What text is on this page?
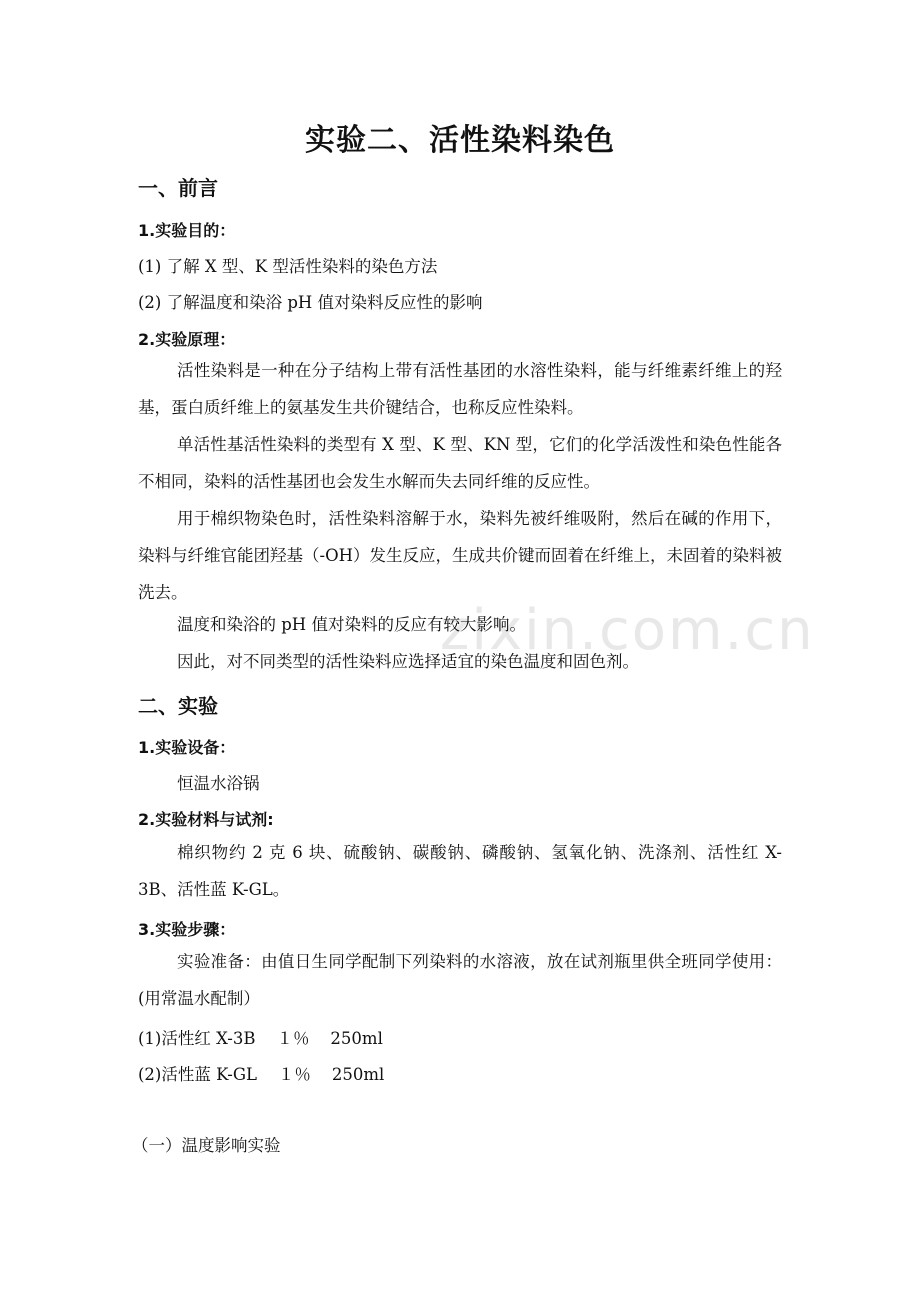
zixin.com.cn
实验二、活性染料染色
一、前言
1.实验目的：
(1) 了解 X 型、K 型活性染料的染色方法
(2) 了解温度和染浴 pH 值对染料反应性的影响
2.实验原理：
活性染料是一种在分子结构上带有活性基团的水溶性染料，能与纤维素纤维上的羟基，蛋白质纤维上的氨基发生共价键结合，也称反应性染料。
单活性基活性染料的类型有 X 型、K 型、KN 型，它们的化学活泼性和染色性能各不相同，染料的活性基团也会发生水解而失去同纤维的反应性。
用于棉织物染色时，活性染料溶解于水，染料先被纤维吸附，然后在碱的作用下，染料与纤维官能团羟基（-OH）发生反应，生成共价键而固着在纤维上，未固着的染料被洗去。
温度和染浴的 pH 值对染料的反应有较大影响。
因此，对不同类型的活性染料应选择适宜的染色温度和固色剂。
二、实验
1.实验设备：
恒温水浴锅
2.实验材料与试剂:
棉织物约 2 克 6 块、硫酸钠、碳酸钠、磷酸钠、氢氧化钠、洗涤剂、活性红 X-3B、活性蓝 K-GL。
3.实验步骤：
实验准备：由值日生同学配制下列染料的水溶液，放在试剂瓶里供全班同学使用：(用常温水配制）
(1)活性红 X-3B    １％    250ml
(2)活性蓝 K-GL    １％    250ml
（一）温度影响实验
